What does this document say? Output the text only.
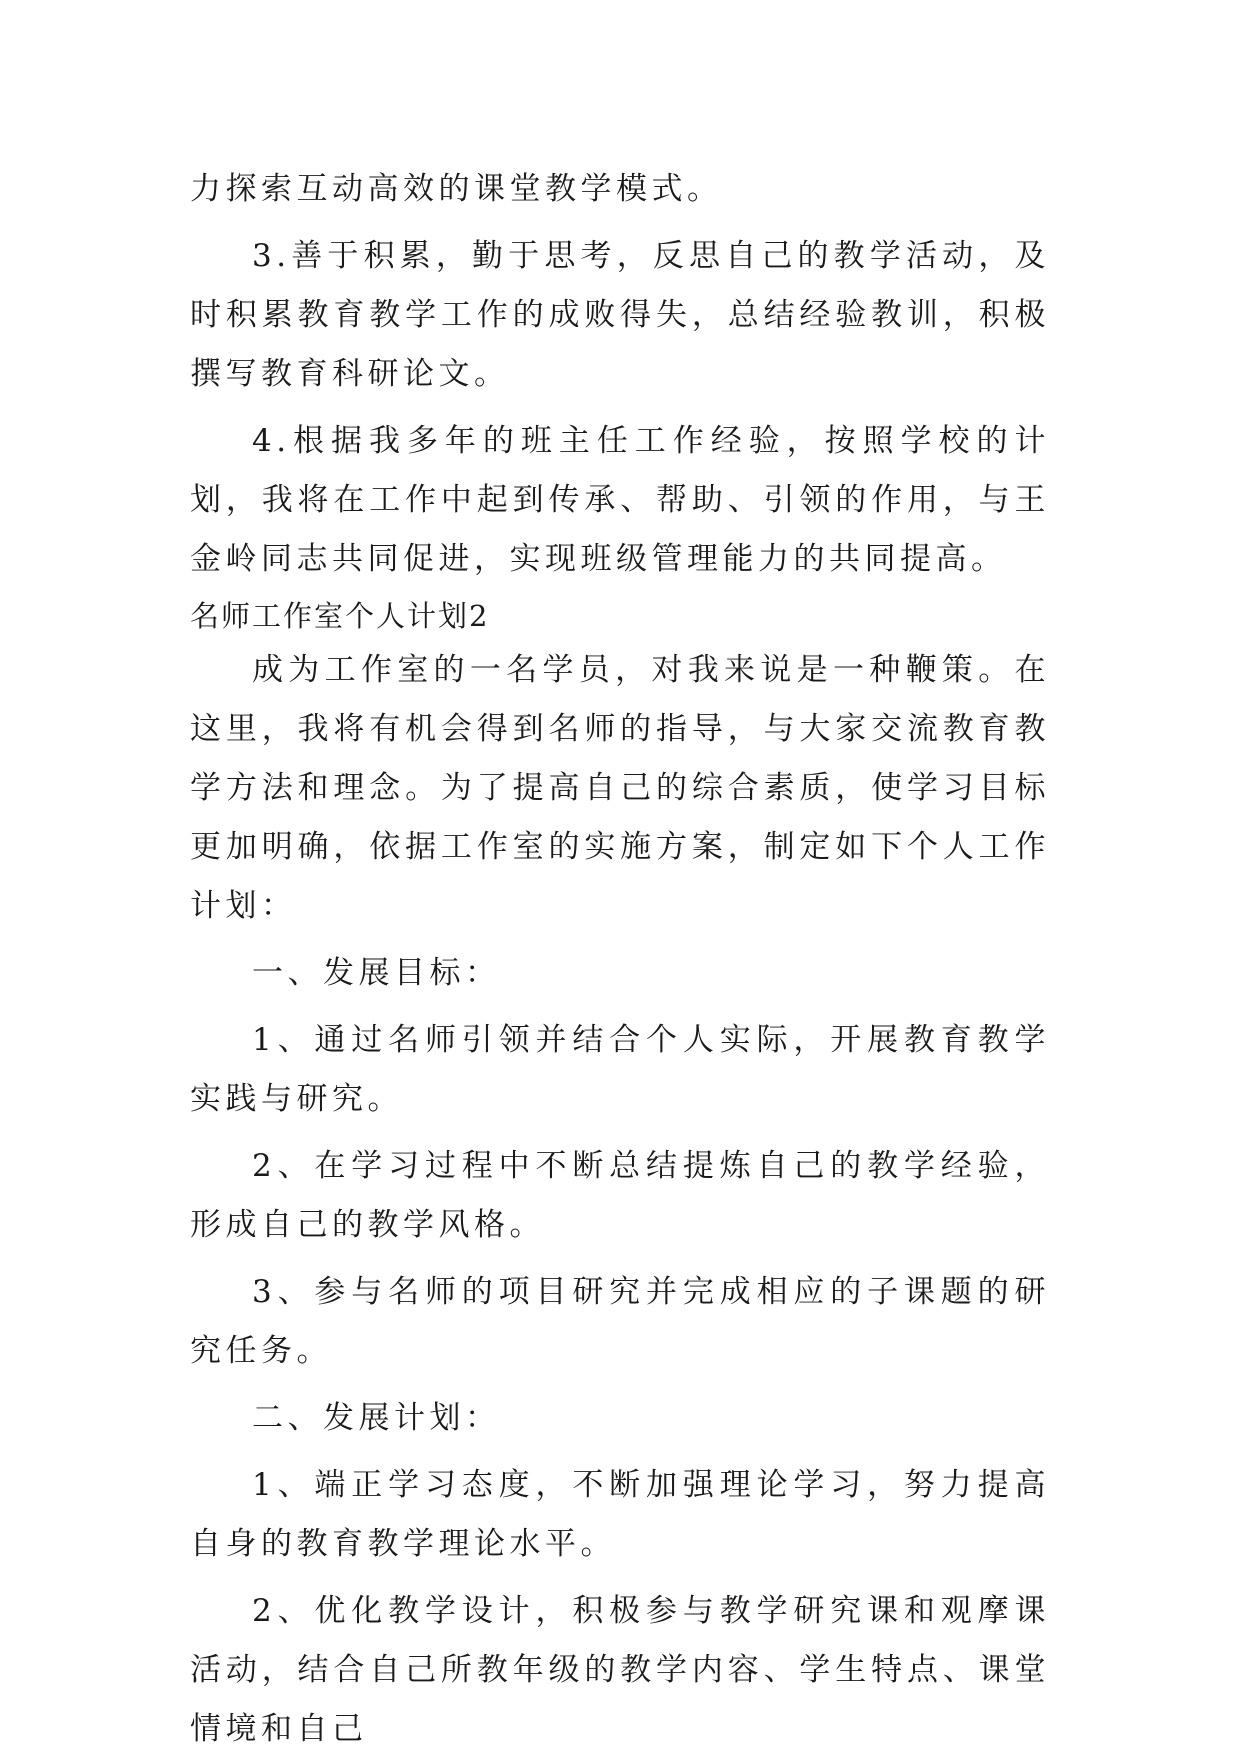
力探索互动高效的课堂教学模式。

3.善于积累，勤于思考，反思自己的教学活动，及时积累教育教学工作的成败得失，总结经验教训，积极撰写教育科研论文。

4.根据我多年的班主任工作经验，按照学校的计划，我将在工作中起到传承、帮助、引领的作用，与王金岭同志共同促进，实现班级管理能力的共同提高。

名师工作室个人计划2

成为工作室的一名学员，对我来说是一种鞭策。在这里，我将有机会得到名师的指导，与大家交流教育教学方法和理念。为了提高自己的综合素质，使学习目标更加明确，依据工作室的实施方案，制定如下个人工作计划：

一、发展目标：

1、通过名师引领并结合个人实际，开展教育教学实践与研究。

2、在学习过程中不断总结提炼自己的教学经验，形成自己的教学风格。

3、参与名师的项目研究并完成相应的子课题的研究任务。

二、发展计划：

1、端正学习态度，不断加强理论学习，努力提高自身的教育教学理论水平。

2、优化教学设计，积极参与教学研究课和观摩课活动，结合自己所教年级的教学内容、学生特点、课堂情境和自己
